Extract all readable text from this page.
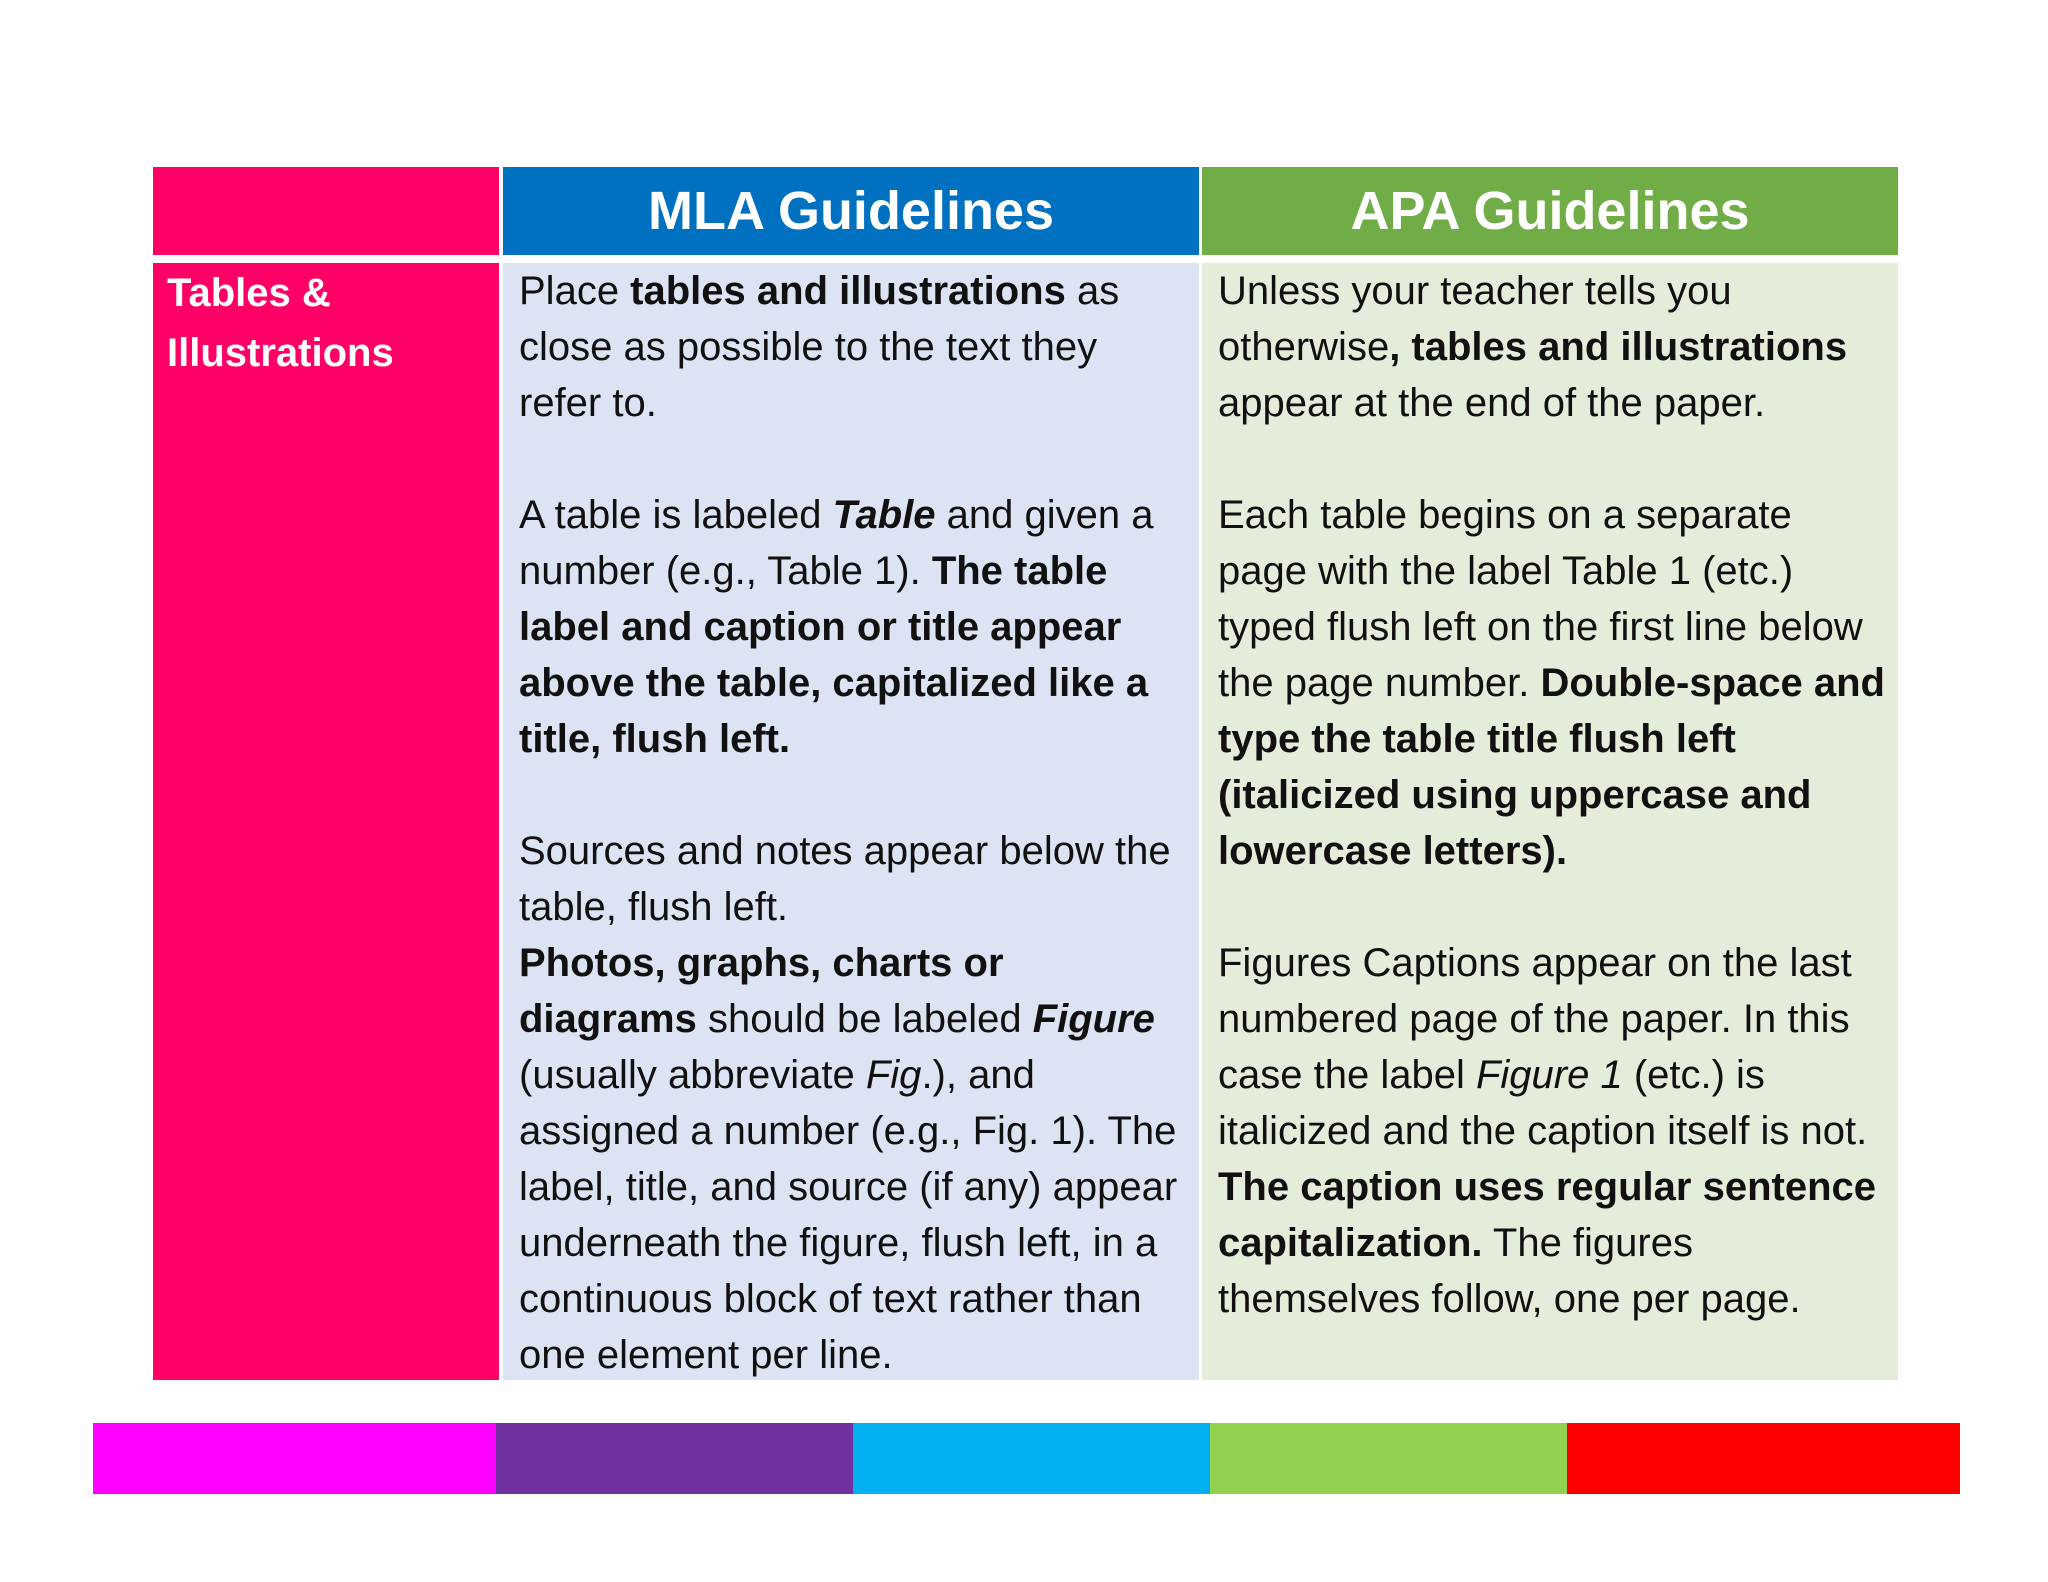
MLA Guidelines	APA Guidelines
Tables & Illustrations

Place tables and illustrations as close as possible to the text they refer to.

A table is labeled Table and given a number (e.g., Table 1). The table label and caption or title appear above the table, capitalized like a title, flush left.

Sources and notes appear below the table, flush left.

Photos, graphs, charts or diagrams should be labeled Figure (usually abbreviate Fig.), and assigned a number (e.g., Fig. 1). The label, title, and source (if any) appear underneath the figure, flush left, in a continuous block of text rather than one element per line.

Unless your teacher tells you otherwise, tables and illustrations appear at the end of the paper.

Each table begins on a separate page with the label Table 1 (etc.) typed flush left on the first line below the page number. Double-space and type the table title flush left (italicized using uppercase and lowercase letters).

Figures Captions appear on the last numbered page of the paper. In this case the label Figure 1 (etc.) is italicized and the caption itself is not. The caption uses regular sentence capitalization. The figures themselves follow, one per page.
